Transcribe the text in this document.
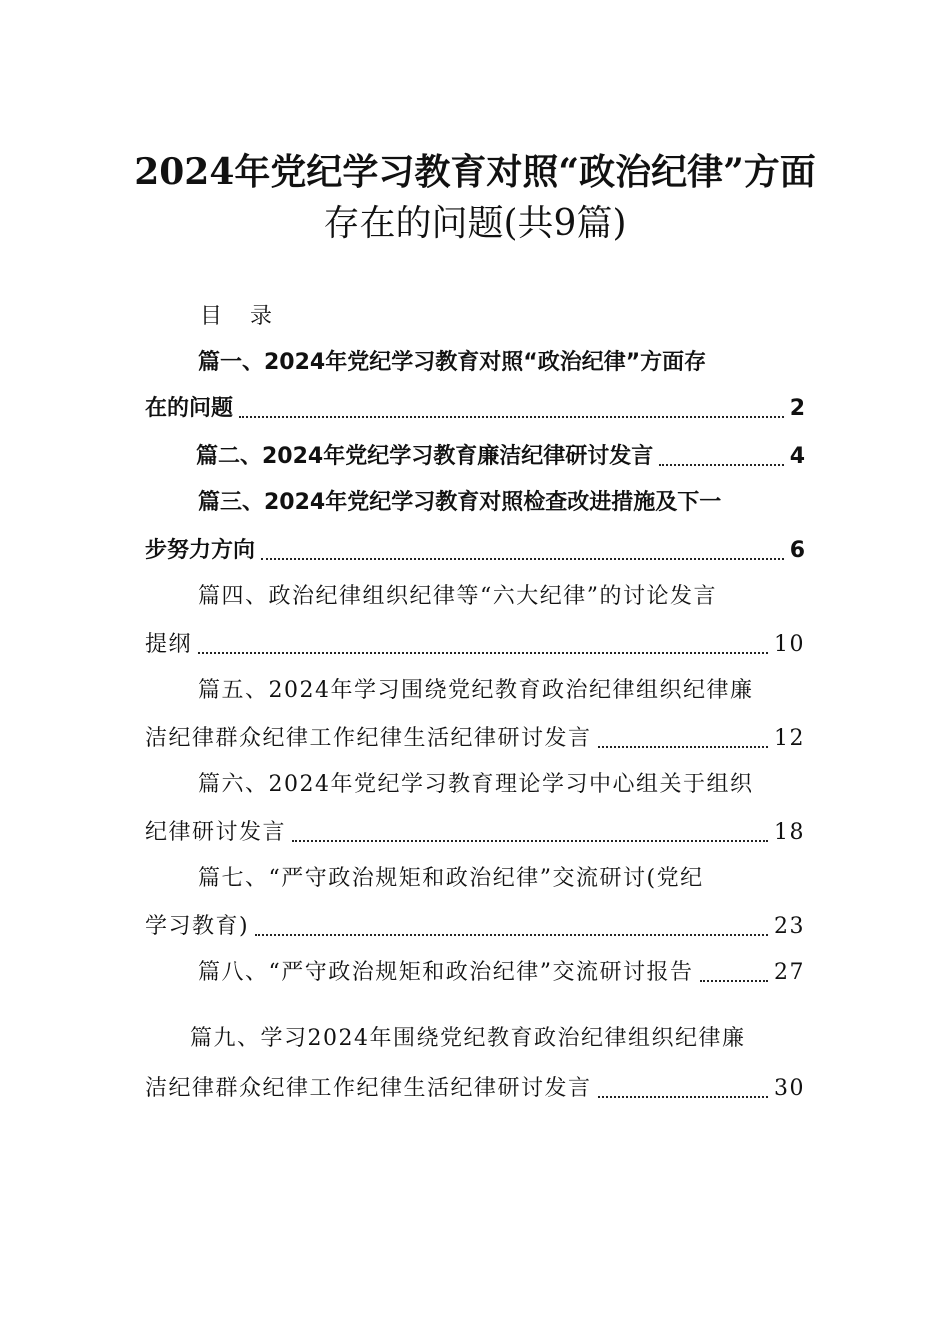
2024年党纪学习教育对照“政治纪律”方面
存在的问题(共9篇)
目录
篇一、2024年党纪学习教育对照“政治纪律”方面存
在的问题	2
篇二、2024年党纪学习教育廉洁纪律研讨发言	4
篇三、2024年党纪学习教育对照检查改进措施及下一
步努力方向	6
篇四、政治纪律组织纪律等“六大纪律”的讨论发言
提纲	10
篇五、2024年学习围绕党纪教育政治纪律组织纪律廉
洁纪律群众纪律工作纪律生活纪律研讨发言	12
篇六、2024年党纪学习教育理论学习中心组关于组织
纪律研讨发言	18
篇七、“严守政治规矩和政治纪律”交流研讨(党纪
学习教育)	23
篇八、“严守政治规矩和政治纪律”交流研讨报告	27
篇九、学习2024年围绕党纪教育政治纪律组织纪律廉
洁纪律群众纪律工作纪律生活纪律研讨发言	30
